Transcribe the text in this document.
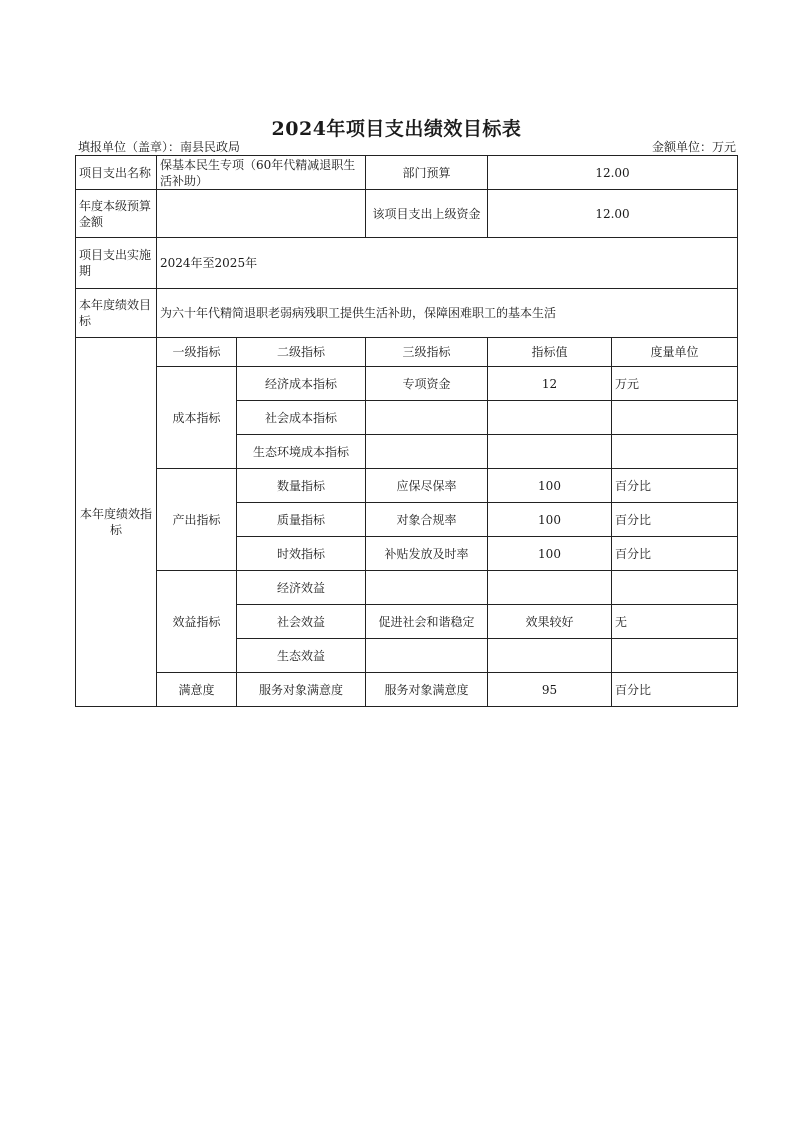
2024年项目支出绩效目标表
填报单位（盖章）：南县民政局	金额单位：万元
项目支出名称	保基本民生专项（60年代精减退职生活补助）		部门预算	12.00	
年度本级预算金额			该项目支出上级资金	12.00	
项目支出实施期	2024年至2025年				
本年度绩效目标	为六十年代精简退职老弱病残职工提供生活补助，保障困难职工的基本生活				
本年度绩效指标	一级指标	二级指标	三级指标	指标值	度量单位
	成本指标	经济成本指标	专项资金	12	万元
		社会成本指标			
		生态环境成本指标			
	产出指标	数量指标	应保尽保率	100	百分比
		质量指标	对象合规率	100	百分比
		时效指标	补贴发放及时率	100	百分比
	效益指标	经济效益			
		社会效益	促进社会和谐稳定	效果较好	无
		生态效益			
	满意度	服务对象满意度	服务对象满意度	95	百分比
